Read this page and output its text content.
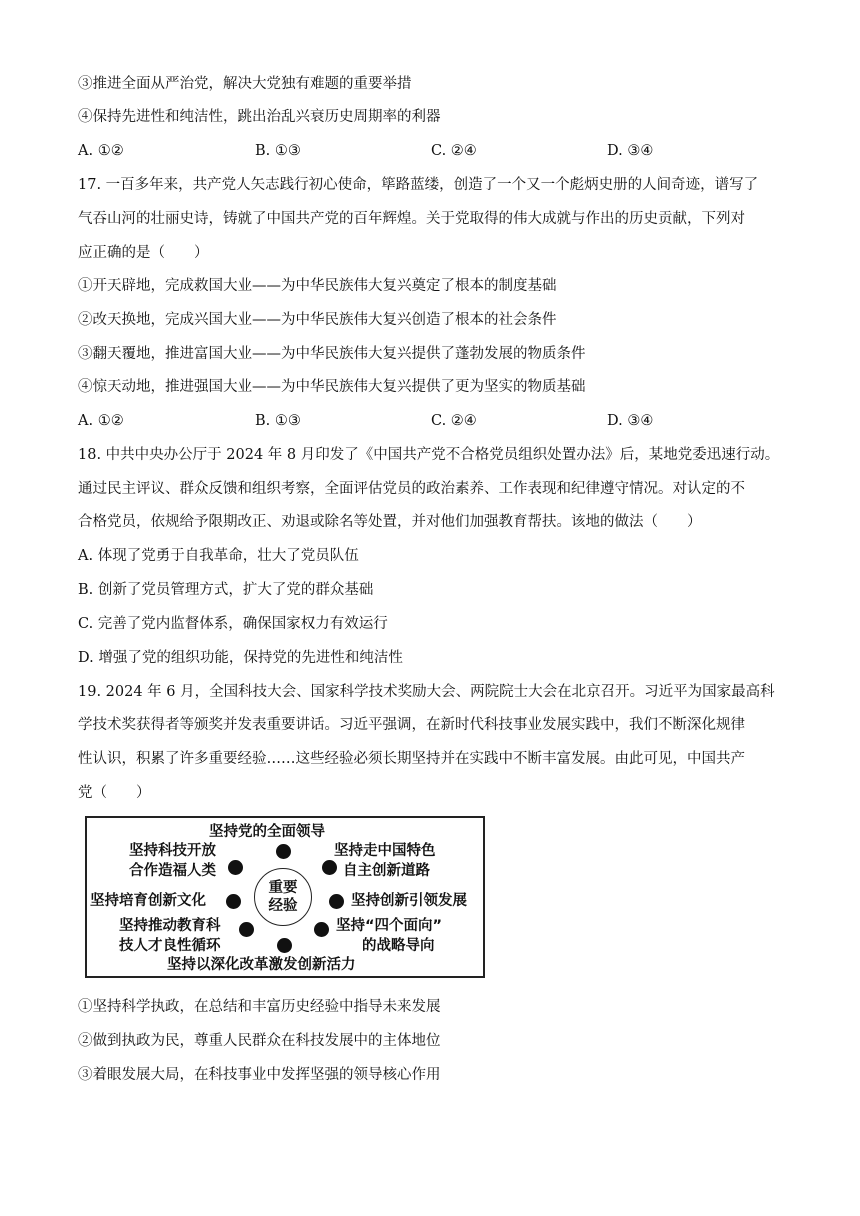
③推进全面从严治党，解决大党独有难题的重要举措
④保持先进性和纯洁性，跳出治乱兴衰历史周期率的利器
A. ①②	B. ①③	C. ②④	D. ③④
17. 一百多年来，共产党人矢志践行初心使命，筚路蓝缕，创造了一个又一个彪炳史册的人间奇迹，谱写了
气吞山河的壮丽史诗，铸就了中国共产党的百年辉煌。关于党取得的伟大成就与作出的历史贡献，下列对
应正确的是（　　）
①开天辟地，完成救国大业——为中华民族伟大复兴奠定了根本的制度基础
②改天换地，完成兴国大业——为中华民族伟大复兴创造了根本的社会条件
③翻天覆地，推进富国大业——为中华民族伟大复兴提供了蓬勃发展的物质条件
④惊天动地，推进强国大业——为中华民族伟大复兴提供了更为坚实的物质基础
A. ①②	B. ①③	C. ②④	D. ③④
18. 中共中央办公厅于 2024 年 8 月印发了《中国共产党不合格党员组织处置办法》后，某地党委迅速行动。
通过民主评议、群众反馈和组织考察，全面评估党员的政治素养、工作表现和纪律遵守情况。对认定的不
合格党员，依规给予限期改正、劝退或除名等处置，并对他们加强教育帮扶。该地的做法（　　）
A. 体现了党勇于自我革命，壮大了党员队伍
B. 创新了党员管理方式，扩大了党的群众基础
C. 完善了党内监督体系，确保国家权力有效运行
D. 增强了党的组织功能，保持党的先进性和纯洁性
19. 2024 年 6 月，全国科技大会、国家科学技术奖励大会、两院院士大会在北京召开。习近平为国家最高科
学技术奖获得者等颁奖并发表重要讲话。习近平强调，在新时代科技事业发展实践中，我们不断深化规律
性认识，积累了许多重要经验……这些经验必须长期坚持并在实践中不断丰富发展。由此可见，中国共产
党（　　）
坚持党的全面领导
坚持科技开放
合作造福人类
坚持走中国特色
自主创新道路
坚持培育创新文化	坚持创新引领发展
坚持推动教育科
技人才良性循环
坚持“四个面向”
的战略导向
坚持以深化改革激发创新活力
重要
经验
①坚持科学执政，在总结和丰富历史经验中指导未来发展
②做到执政为民，尊重人民群众在科技发展中的主体地位
③着眼发展大局，在科技事业中发挥坚强的领导核心作用
